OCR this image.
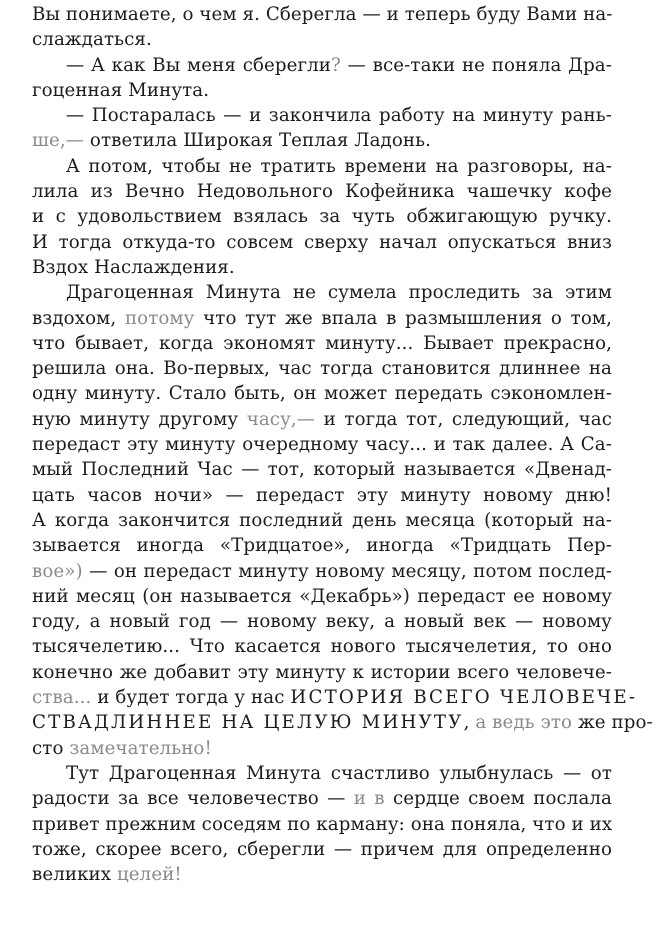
Вы понимаете, о чем я. Сберегла — и теперь буду Вами на-
слаждаться.
— А как Вы меня сберегли? — все-таки не поняла Дра-
гоценная Минута.
— Постаралась — и закончила работу на минуту рань-
ше,— ответила Широкая Теплая Ладонь.
А потом, чтобы не тратить времени на разговоры, на-
лила из Вечно Недовольного Кофейника чашечку кофе
и с удовольствием взялась за чуть обжигающую ручку.
И тогда откуда-то совсем сверху начал опускаться вниз
Вздох Наслаждения.
Драгоценная Минута не сумела проследить за этим
вздохом, потому что тут же впала в размышления о том,
что бывает, когда экономят минуту... Бывает прекрасно,
решила она. Во-первых, час тогда становится длиннее на
одну минуту. Стало быть, он может передать сэкономлен-
ную минуту другому часу,— и тогда тот, следующий, час
передаст эту минуту очередному часу... и так далее. А Са-
мый Последний Час — тот, который называется «Двенад-
цать часов ночи» — передаст эту минуту новому дню!
А когда закончится последний день месяца (который на-
зывается иногда «Тридцатое», иногда «Тридцать Пер-
вое») — он передаст минуту новому месяцу, потом послед-
ний месяц (он называется «Декабрь») передаст ее новому
году, а новый год — новому веку, а новый век — новому
тысячелетию... Что касается нового тысячелетия, то оно
конечно же добавит эту минуту к истории всего человече-
ства... и будет тогда у нас ИСТОРИЯ ВСЕГО ЧЕЛОВЕЧЕ-
СТВАДЛИННЕЕ НА ЦЕЛУЮ МИНУТУ, а ведь это же про-
сто замечательно!
Тут Драгоценная Минута счастливо улыбнулась — от
радости за все человечество — и в сердце своем послала
привет прежним соседям по карману: она поняла, что и их
тоже, скорее всего, сберегли — причем для определенно
великих целей!
